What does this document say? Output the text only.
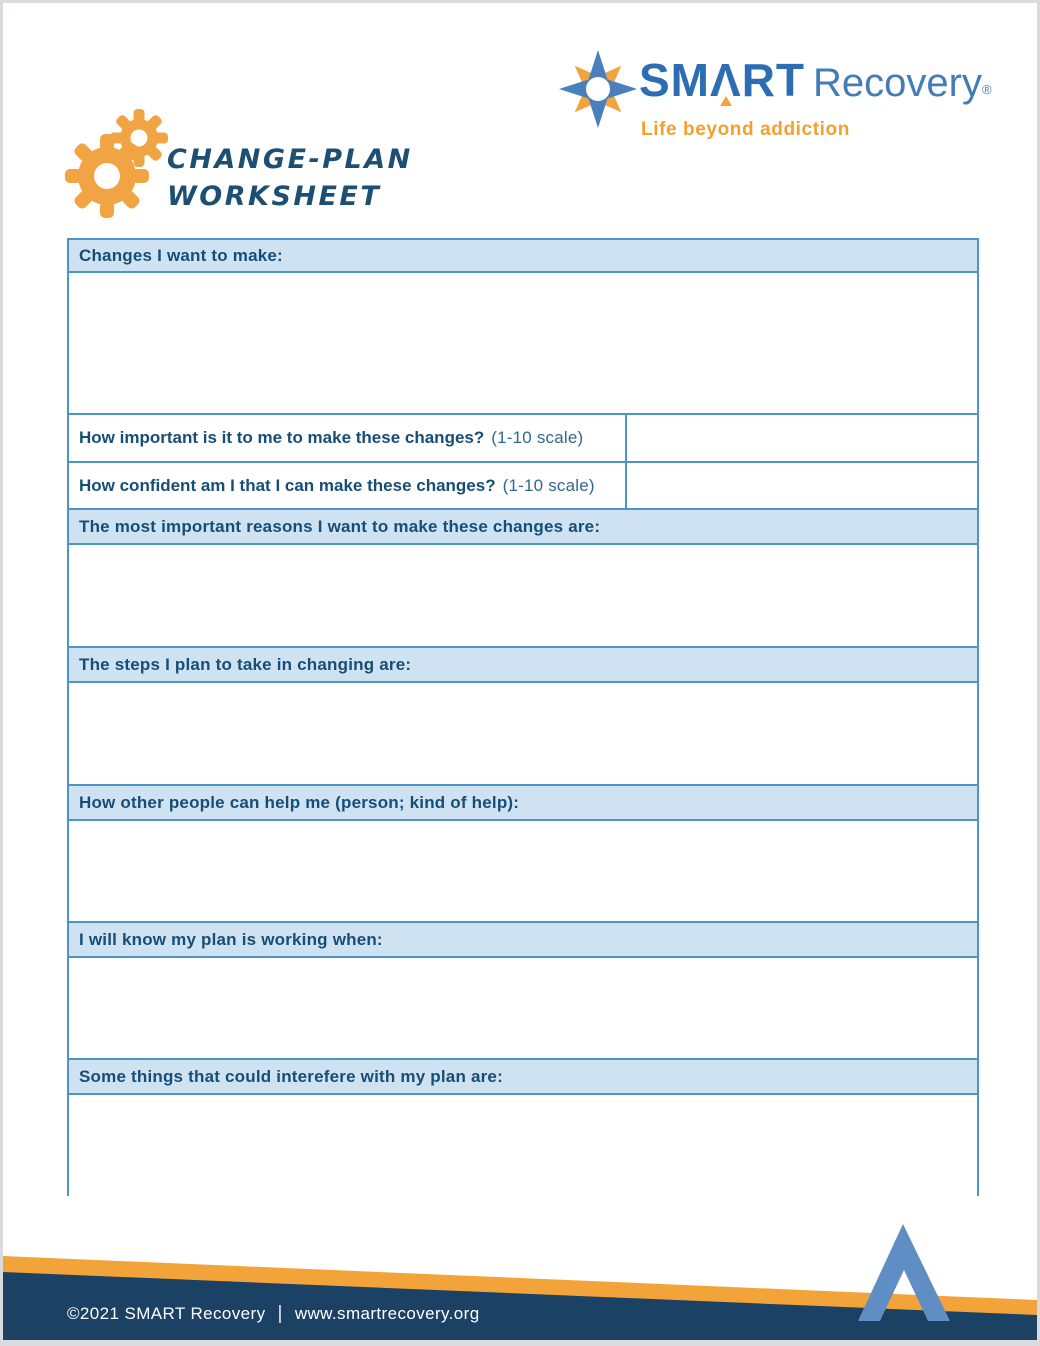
SMΛRT Recovery®
Life beyond addiction
CHANGE-PLAN
WORKSHEET
Changes I want to make:
How important is it to me to make these changes? (1-10 scale)
How confident am I that I can make these changes? (1-10 scale)
The most important reasons I want to make these changes are:
The steps I plan to take in changing are:
How other people can help me (person; kind of help):
I will know my plan is working when:
Some things that could interefere with my plan are:
©2021 SMART Recovery | www.smartrecovery.org
